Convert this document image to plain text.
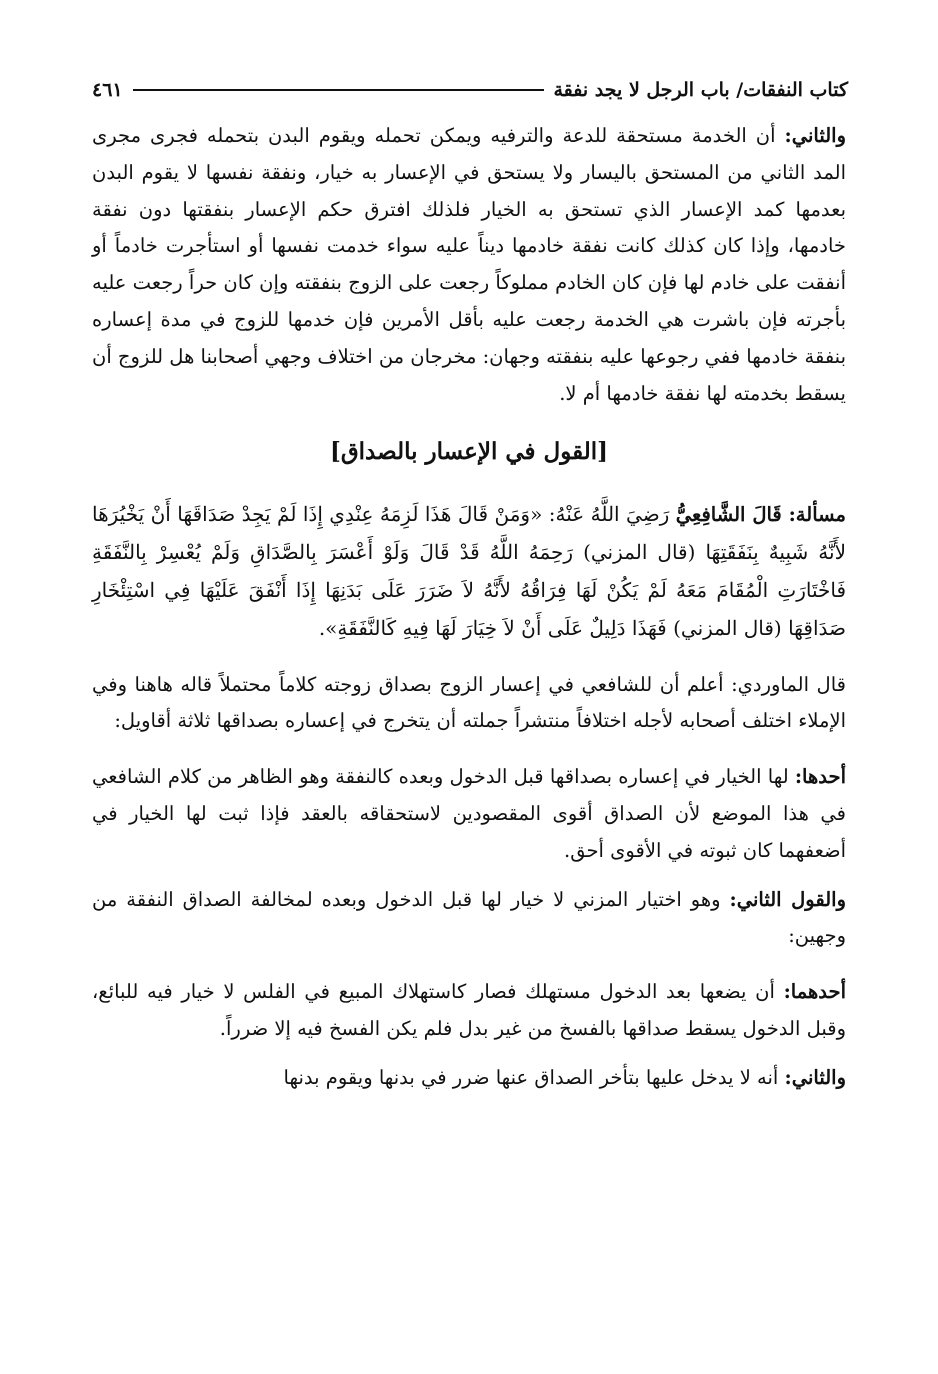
كتاب النفقات/ باب الرجل لا يجد نفقة
٤٦١

والثاني: أن الخدمة مستحقة للدعة والترفيه ويمكن تحمله ويقوم البدن بتحمله فجرى مجرى المد الثاني من المستحق باليسار ولا يستحق في الإعسار به خيار، ونفقة نفسها لا يقوم البدن بعدمها كمد الإعسار الذي تستحق به الخيار فلذلك افترق حكم الإعسار بنفقتها دون نفقة خادمها، وإذا كان كذلك كانت نفقة خادمها ديناً عليه سواء خدمت نفسها أو استأجرت خادماً أو أنفقت على خادم لها فإن كان الخادم مملوكاً رجعت على الزوج بنفقته وإن كان حراً رجعت عليه بأجرته فإن باشرت هي الخدمة رجعت عليه بأقل الأمرين فإن خدمها للزوج في مدة إعساره بنفقة خادمها ففي رجوعها عليه بنفقته وجهان: مخرجان من اختلاف وجهي أصحابنا هل للزوج أن يسقط بخدمته لها نفقة خادمها أم لا.

[القول في الإعسار بالصداق]

مسألة: قَالَ الشَّافِعِيُّ رَضِيَ اللَّهُ عَنْهُ: «وَمَنْ قَالَ هَذَا لَزِمَهُ عِنْدِي إِذَا لَمْ يَجِدْ صَدَاقَهَا أَنْ يَخْيُرَهَا لأَنَّهُ شَبِيهٌ بِنَفَقَتِهَا (قال المزني) رَحِمَهُ اللَّهُ قَدْ قَالَ وَلَوْ أَعْسَرَ بِالصَّدَاقِ وَلَمْ يُعْسِرْ بِالنَّفَقَةِ فَاخْتَارَتِ الْمُقَامَ مَعَهُ لَمْ يَكُنْ لَهَا فِرَاقُهُ لأَنَّهُ لاَ ضَرَرَ عَلَى بَدَنِهَا إِذَا أَنْفَقَ عَلَيْهَا فِي اسْتِئْخَارِ صَدَاقِهَا (قال المزني) فَهَذَا دَلِيلٌ عَلَى أَنْ لاَ خِيَارَ لَهَا فِيهِ كَالنَّفَقَةِ».

قال الماوردي: أعلم أن للشافعي في إعسار الزوج بصداق زوجته كلاماً محتملاً قاله هاهنا وفي الإملاء اختلف أصحابه لأجله اختلافاً منتشراً جملته أن يتخرج في إعساره بصداقها ثلاثة أقاويل:

أحدها: لها الخيار في إعساره بصداقها قبل الدخول وبعده كالنفقة وهو الظاهر من كلام الشافعي في هذا الموضع لأن الصداق أقوى المقصودين لاستحقاقه بالعقد فإذا ثبت لها الخيار في أضعفهما كان ثبوته في الأقوى أحق.

والقول الثاني: وهو اختيار المزني لا خيار لها قبل الدخول وبعده لمخالفة الصداق النفقة من وجهين:

أحدهما: أن يضعها بعد الدخول مستهلك فصار كاستهلاك المبيع في الفلس لا خيار فيه للبائع، وقبل الدخول يسقط صداقها بالفسخ من غير بدل فلم يكن الفسخ فيه إلا ضرراً.

والثاني: أنه لا يدخل عليها بتأخر الصداق عنها ضرر في بدنها ويقوم بدنها
